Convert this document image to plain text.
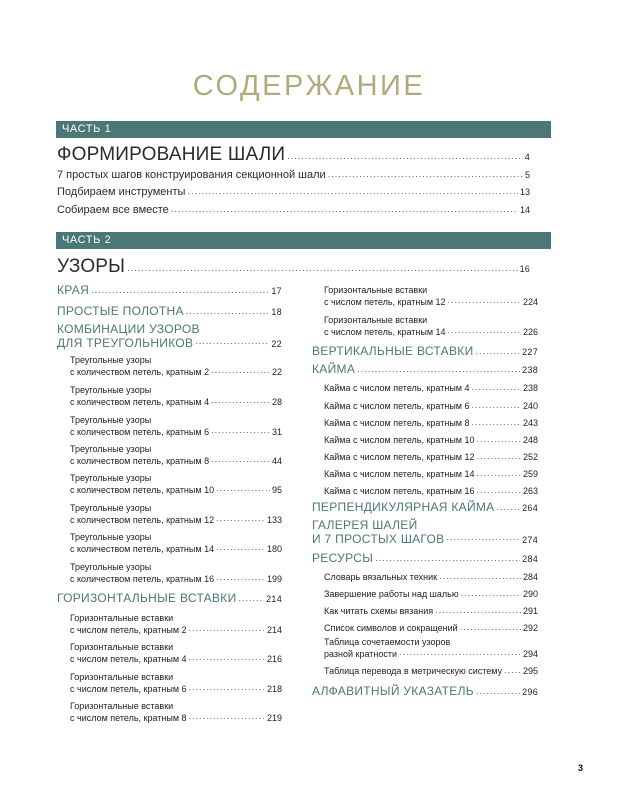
СОДЕРЖАНИЕ
ЧАСТЬ 1
ФОРМИРОВАНИЕ ШАЛИ .....	4
7 простых шагов конструирования секционной шали .....	5
Подбираем инструменты .....	13
Собираем все вместе .....	14
ЧАСТЬ 2
УЗОРЫ .....	16
КРАЯ .....	17
ПРОСТЫЕ ПОЛОТНА .....	18
КОМБИНАЦИИ УЗОРОВ
ДЛЯ ТРЕУГОЛЬНИКОВ .....	22
Треугольные узоры
с количеством петель, кратным 2 .....	22
Треугольные узоры
с количеством петель, кратным 4 .....	28
Треугольные узоры
с количеством петель, кратным 6 .....	31
Треугольные узоры
с количеством петель, кратным 8 .....	44
Треугольные узоры
с количеством петель, кратным 10 .....	95
Треугольные узоры
с количеством петель, кратным 12 .....	133
Треугольные узоры
с количеством петель, кратным 14 .....	180
Треугольные узоры
с количеством петель, кратным 16 .....	199
ГОРИЗОНТАЛЬНЫЕ ВСТАВКИ .....	214
Горизонтальные вставки
с числом петель, кратным 2 .....	214
Горизонтальные вставки
с числом петель, кратным 4 .....	216
Горизонтальные вставки
с числом петель, кратным 6 .....	218
Горизонтальные вставки
с числом петель, кратным 8 .....	219
Горизонтальные вставки
с числом петель, кратным 12 .....	224
Горизонтальные вставки
с числом петель, кратным 14 .....	226
ВЕРТИКАЛЬНЫЕ ВСТАВКИ .....	227
КАЙМА .....	238
Кайма с числом петель, кратным 4 .....	238
Кайма с числом петель, кратным 6 .....	240
Кайма с числом петель, кратным 8 .....	243
Кайма с числом петель, кратным 10 .....	248
Кайма с числом петель, кратным 12 .....	252
Кайма с числом петель, кратным 14 .....	259
Кайма с числом петель, кратным 16 .....	263
ПЕРПЕНДИКУЛЯРНАЯ КАЙМА .....	264
ГАЛЕРЕЯ ШАЛЕЙ
И 7 ПРОСТЫХ ШАГОВ .....	274
РЕСУРСЫ .....	284
Словарь вязальных техник .....	284
Завершение работы над шалью .....	290
Как читать схемы вязания .....	291
Список символов и сокращений .....	292
Таблица сочетаемости узоров
разной кратности .....	294
Таблица перевода в метрическую систему ..... 295
АЛФАВИТНЫЙ УКАЗАТЕЛЬ .....	296
3
